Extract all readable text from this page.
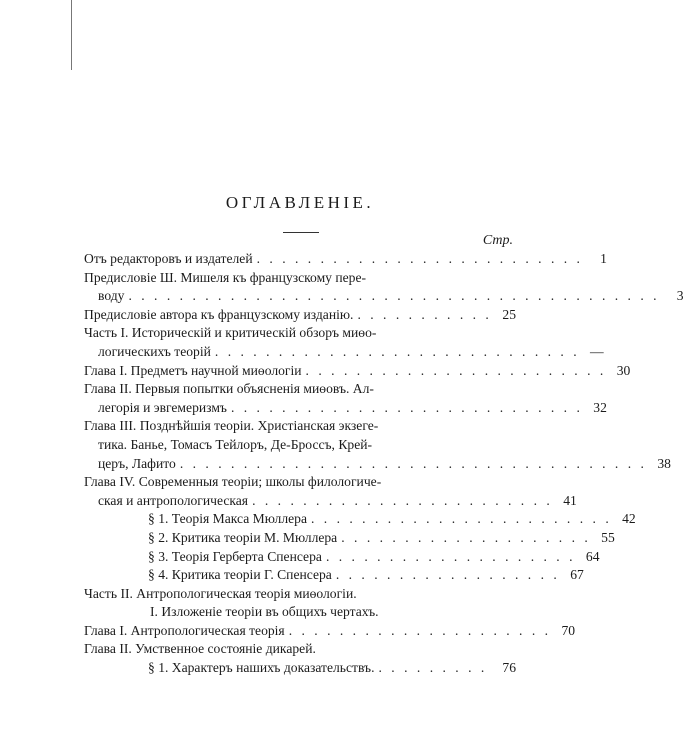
ОГЛАВЛЕНІЕ.
Стр.
Отъ редакторовъ и издателей . . . . . . . . . . . . . . . . . . . . . . . . . .	1
Предисловіе Ш. Мишеля къ французскому пере-
воду . . . . . . . . . . . . . . . . . . . . . . . . . . . . . . . . . . . . . . . . . .	3
Предисловіе автора къ французскому изданію. . . . . . . . . . . . 25
Часть I. Историческій и критическій обзоръ миѳо-
логическихъ теорій . . . . . . . . . . . . . . . . . . . . . . . . . . . . . —
Глава I. Предметъ научной миѳологіи . . . . . . . . . . . . . . . . . . . . . . . . 30
Глава II. Первыя попытки объясненія миѳовъ. Ал-
легорія и эвгемеризмъ . . . . . . . . . . . . . . . . . . . . . . . . . . . . 32
Глава III. Позднѣйшія теоріи. Христіанская экзеге-
тика. Банье, Томасъ Тейлоръ, Де-Броссъ, Крей-
церъ, Лафито . . . . . . . . . . . . . . . . . . . . . . . . . . . . . . . . . . . . . 38
Глава IV. Современныя теоріи; школы филологиче-
ская и антропологическая . . . . . . . . . . . . . . . . . . . . . . . . 41
§ 1. Теорія Макса Мюллера . . . . . . . . . . . . . . . . . . . . . . . . 42
§ 2. Критика теоріи М. Мюллера . . . . . . . . . . . . . . . . . . . . 55
§ 3. Теорія Герберта Спенсера . . . . . . . . . . . . . . . . . . . . 64
§ 4. Критика теоріи Г. Спенсера . . . . . . . . . . . . . . . . . . 67
Часть II. Антропологическая теорія миѳологіи.
I. Изложеніе теоріи въ общихъ чертахъ.
Глава I. Антропологическая теорія . . . . . . . . . . . . . . . . . . . . . 70
Глава II. Умственное состояніе дикарей.
§ 1. Характеръ нашихъ доказательствъ. . . . . . . . . .	76
